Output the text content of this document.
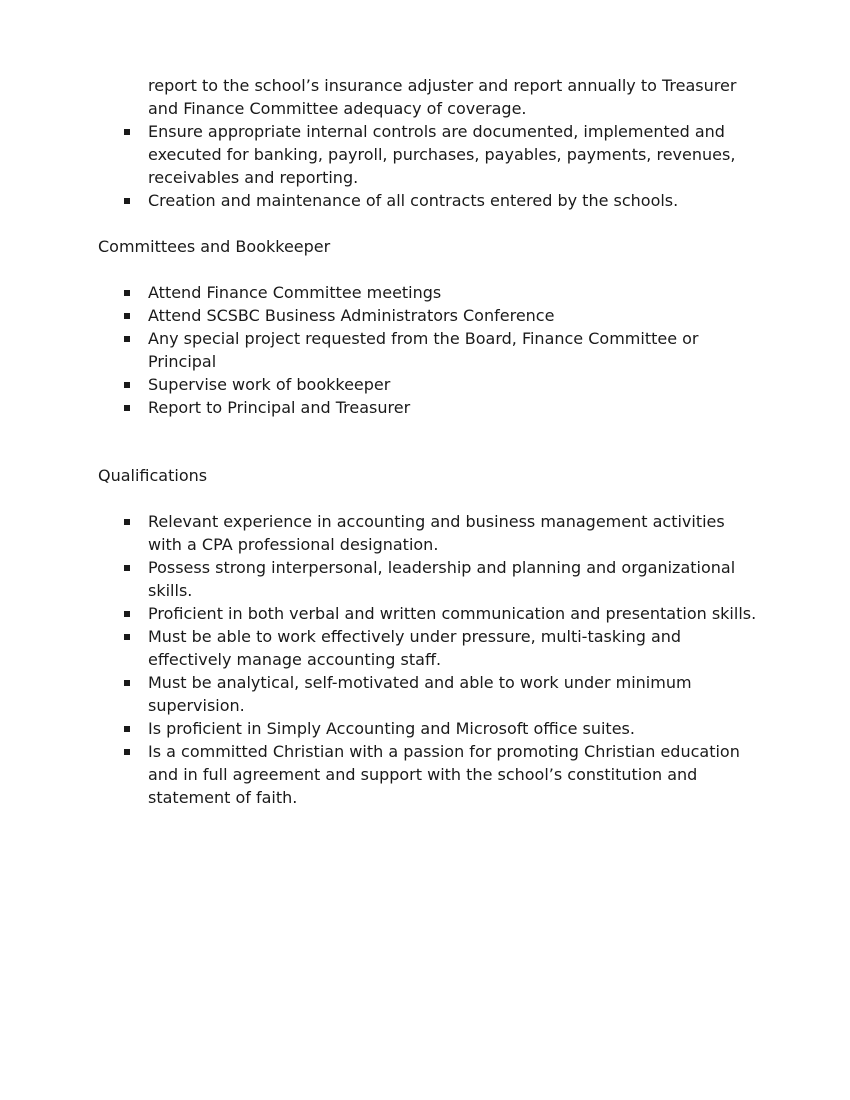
report to the school’s insurance adjuster and report annually to Treasurer and Finance Committee adequacy of coverage.
Ensure appropriate internal controls are documented, implemented and executed for banking, payroll, purchases, payables, payments, revenues, receivables and reporting.
Creation and maintenance of all contracts entered by the schools.

Committees and Bookkeeper

Attend Finance Committee meetings
Attend SCSBC Business Administrators Conference
Any special project requested from the Board, Finance Committee or Principal
Supervise work of bookkeeper
Report to Principal and Treasurer

Qualifications

Relevant experience in accounting and business management activities with a CPA professional designation.
Possess strong interpersonal, leadership and planning and organizational skills.
Proficient in both verbal and written communication and presentation skills.
Must be able to work effectively under pressure, multi-tasking and effectively manage accounting staff.
Must be analytical, self-motivated and able to work under minimum supervision.
Is proficient in Simply Accounting and Microsoft office suites.
Is a committed Christian with a passion for promoting Christian education and in full agreement and support with the school’s constitution and statement of faith.
